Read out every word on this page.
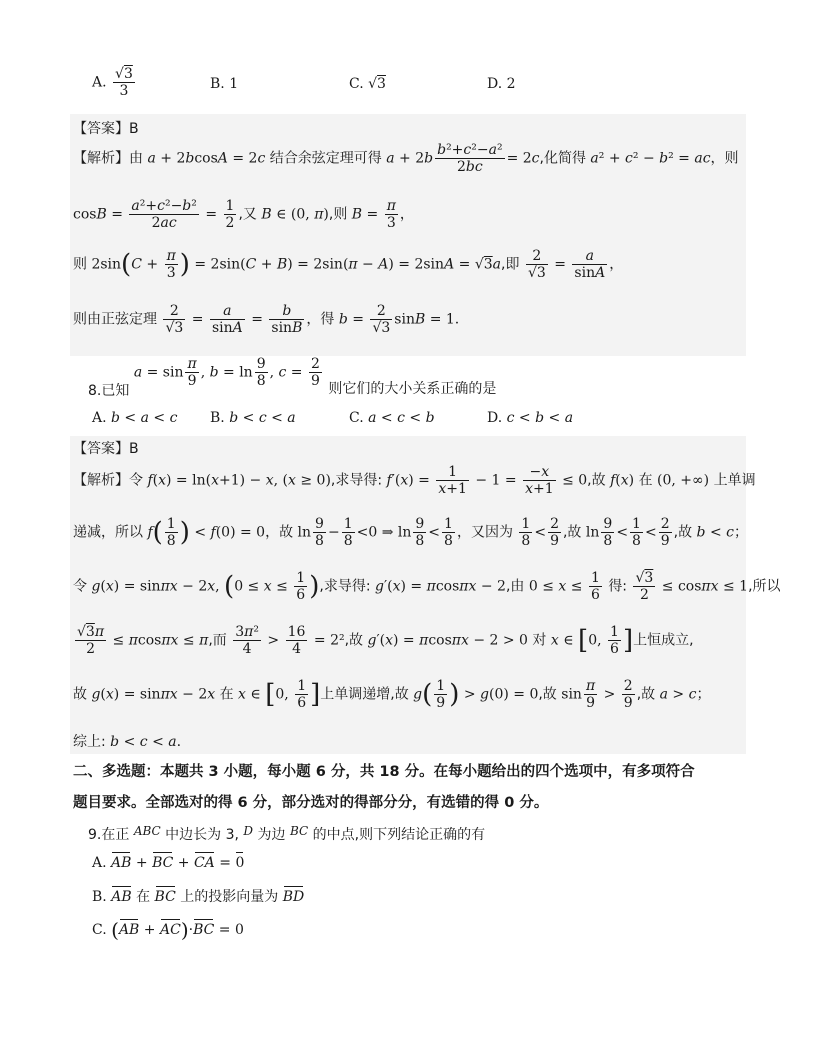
A. $\frac{√3}{3}$	B. 1	C. √3	D. 2
【答案】B
【解析】由 a + 2bcosA = 2c 结合余弦定理可得 $a + 2b \frac{\text{b²+c²−a²}}{2bc} = 2c$,化简得 a² + c² − b² = ac，则
$\cos B = \frac{\text{a²+c²−b²}}{2ac} = \frac{1}{2}$ ,又 B ∈ (0, π),则 $B = \frac{\pi}{3}$ ，
则 $2\sin(C + \frac{\pi}{3}$ ) = 2sin(C + B) = 2sin(π − A) = 2sinA = √3a,即 $\frac{2}{√3} = \frac{a}{\sin A}$ ，
则由正弦定理 $\frac{2}{√3} = \frac{a}{\sin A} = \frac{b}{\sin B}$ ，得 $b = \frac{2}{√3}$ sinB = 1.
8.已知 $a = \sin \frac{\pi}{9}$ , $b = \ln \frac{9}{8}$ , $c = \frac{2}{9}$ 则它们的大小关系正确的是
A. b < a < c B. b < c < a	C. a < c < b	D. c < b < a
【答案】B
【解析】令 f(x) = ln(x+1) − x, (x ≥ 0),求导得: $f'(x) = \frac{1}{x+1} - 1 = \frac{-x}{x+1} \le 0$,故 f(x) 在 (0, +∞) 上单调
递减，所以 $f( \frac{1}{8}$ ) < f(0) = 0，故 $\ln \frac{9}{8} - \frac{1}{8} <0$ ⇒ $\ln \frac{9}{8} < \frac{1}{8}$ ，又因为 $\frac{1}{8} < \frac{2}{9}$ ,故 $\ln \frac{9}{8} < \frac{1}{8} < \frac{2}{9}$ ,故 b < c；
令 g(x) = sinπx − 2x, ($0 \le x \le \frac{1}{6}$ ),求导得: g′(x) = πcosπx − 2,由 $0 \le x \le \frac{1}{6}$ 得: $\frac{√3}{2} \le \cos\pi x \le 1$,所以
$\frac{√3\pi}{2} \le \pi\cos\pi x \le \pi$,而 $\frac{\text{3π²}}{4} > \frac{16}{4} = 2^2$,故 g′(x) = πcosπx − 2 > 0 对 x ∈ [0, $\frac{1}{6}$ ]上恒成立,
故 g(x) = sinπx − 2x 在 x ∈ [0, $\frac{1}{6}$ ]上单调递增,故 $g( \frac{1}{9}$ ) > g(0) = 0,故 $\sin \frac{\pi}{9} > \frac{2}{9}$ ,故 a > c；
综上: b < c < a.
二、多选题：本题共 3 小题，每小题 6 分，共 18 分。在每小题给出的四个选项中，有多项符合
题目要求。全部选对的得 6 分，部分选对的得部分分，有选错的得 0 分。
9.在正 ABC 中边长为 3, D 为边 BC 的中点,则下列结论正确的有
A. AB + BC + CA = 0
B. AB 在 BC 上的投影向量为 BD
C. (AB + AC)·BC = 0
